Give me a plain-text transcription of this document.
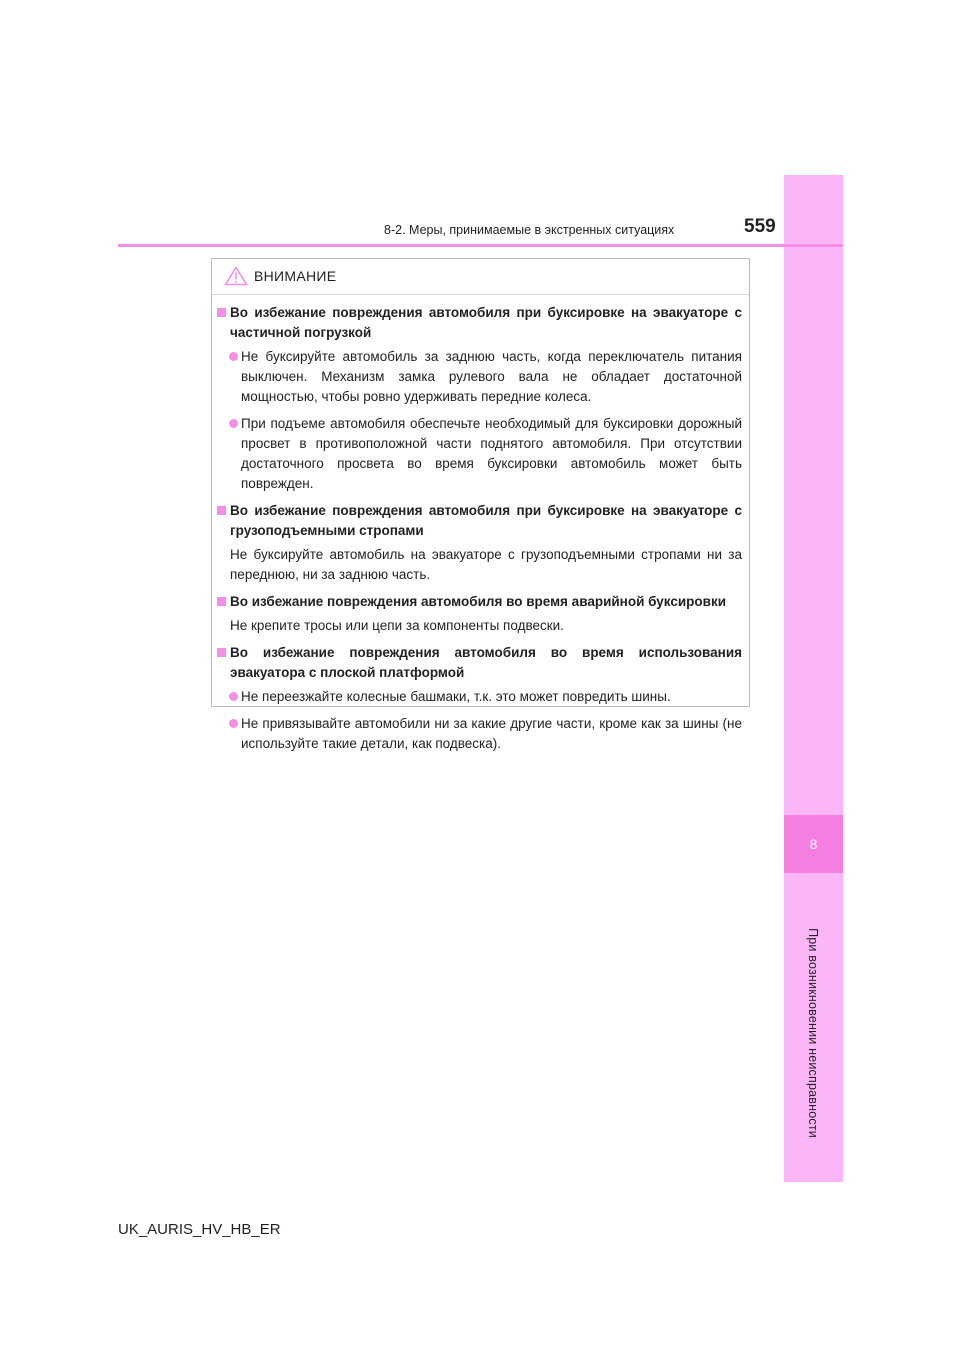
8
При возникновении неисправности
8-2. Меры, принимаемые в экстренных ситуациях	559
ВНИМАНИЕ
Во избежание повреждения автомобиля при буксировке на эвакуаторе с частичной погрузкой
Не буксируйте автомобиль за заднюю часть, когда переключатель питания выключен. Механизм замка рулевого вала не обладает достаточной мощностью, чтобы ровно удерживать передние колеса.
При подъеме автомобиля обеспечьте необходимый для буксировки дорожный просвет в противоположной части поднятого автомобиля. При отсутствии достаточного просвета во время буксировки автомобиль может быть поврежден.
Во избежание повреждения автомобиля при буксировке на эвакуаторе с грузоподъемными стропами
Не буксируйте автомобиль на эвакуаторе с грузоподъемными стропами ни за переднюю, ни за заднюю часть.
Во избежание повреждения автомобиля во время аварийной буксировки
Не крепите тросы или цепи за компоненты подвески.
Во избежание повреждения автомобиля во время использования эвакуатора с плоской платформой
Не переезжайте колесные башмаки, т.к. это может повредить шины.
Не привязывайте автомобили ни за какие другие части, кроме как за шины (не используйте такие детали, как подвеска).
UK_AURIS_HV_HB_ER
